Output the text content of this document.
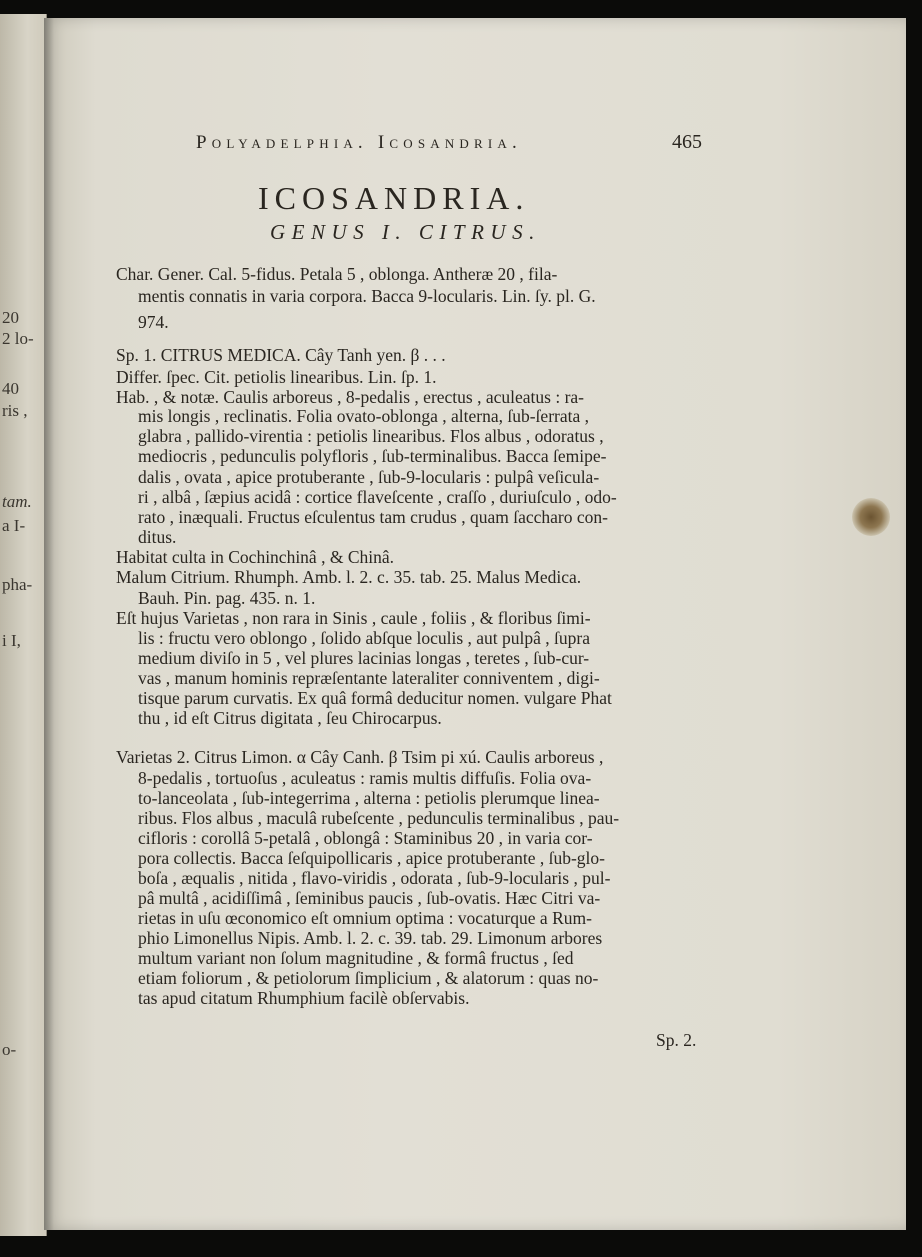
20
2 lo-
40
ris ,
tam.
a I-
pha-
i I,
o-
Polyadelphia. Icosandria.	465
ICOSANDRIA.
GENUS I. CITRUS.
Char. Gener. Cal. 5-fidus. Petala 5 , oblonga. Antheræ 20 , fila-
mentis connatis in varia corpora. Bacca 9-locularis. Lin. ſy. pl. G.
974.
Sp. 1. CITRUS MEDICA. Cây Tanh yen. β . . .
Differ. ſpec. Cit. petiolis linearibus. Lin. ſp. 1.
Hab. , & notæ. Caulis arboreus , 8-pedalis , erectus , aculeatus : ra-
mis longis , reclinatis. Folia ovato-oblonga , alterna, ſub-ſerrata ,
glabra , pallido-virentia : petiolis linearibus. Flos albus , odoratus ,
mediocris , pedunculis polyfloris , ſub-terminalibus. Bacca ſemipe-
dalis , ovata , apice protuberante , ſub-9-locularis : pulpâ veſicula-
ri , albâ , ſæpius acidâ : cortice flaveſcente , craſſo , duriuſculo , odo-
rato , inæquali. Fructus eſculentus tam crudus , quam ſaccharo con-
ditus.
Habitat culta in Cochinchinâ , & Chinâ.
Malum Citrium. Rhumph. Amb. l. 2. c. 35. tab. 25. Malus Medica.
Bauh. Pin. pag. 435. n. 1.
Eſt hujus Varietas , non rara in Sinis , caule , foliis , & floribus ſimi-
lis : fructu vero oblongo , ſolido abſque loculis , aut pulpâ , ſupra
medium diviſo in 5 , vel plures lacinias longas , teretes , ſub-cur-
vas , manum hominis repræſentante lateraliter conniventem , digi-
tisque parum curvatis. Ex quâ formâ deducitur nomen. vulgare Phat
thu , id eſt Citrus digitata , ſeu Chirocarpus.
Varietas 2. Citrus Limon. α Cây Canh. β Tsim pi xú. Caulis arboreus ,
8-pedalis , tortuoſus , aculeatus : ramis multis diffuſis. Folia ova-
to-lanceolata , ſub-integerrima , alterna : petiolis plerumque linea-
ribus. Flos albus , maculâ rubeſcente , pedunculis terminalibus , pau-
cifloris : corollâ 5-petalâ , oblongâ : Staminibus 20 , in varia cor-
pora collectis. Bacca ſeſquipollicaris , apice protuberante , ſub-glo-
boſa , æqualis , nitida , flavo-viridis , odorata , ſub-9-locularis , pul-
pâ multâ , acidiſſimâ , ſeminibus paucis , ſub-ovatis. Hæc Citri va-
rietas in uſu œconomico eſt omnium optima : vocaturque a Rum-
phio Limonellus Nipis. Amb. l. 2. c. 39. tab. 29. Limonum arbores
multum variant non ſolum magnitudine , & formâ fructus , ſed
etiam foliorum , & petiolorum ſimplicium , & alatorum : quas no-
tas apud citatum Rhumphium facilè obſervabis.
Sp. 2.
